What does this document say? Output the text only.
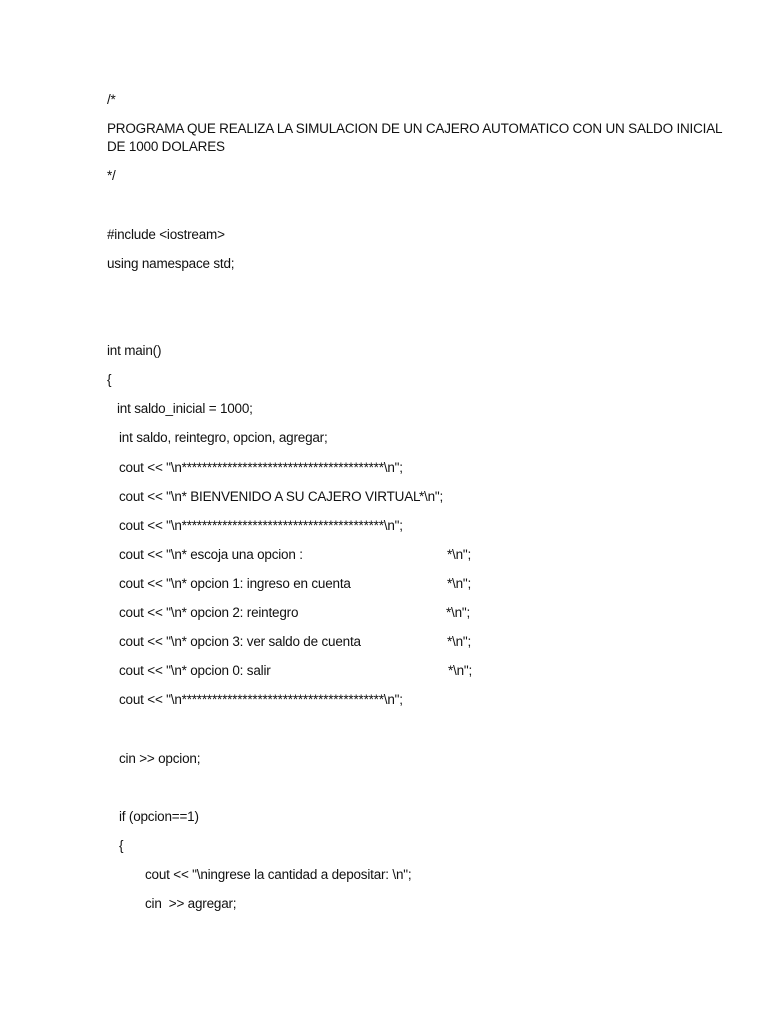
/*
PROGRAMA QUE REALIZA LA SIMULACION DE UN CAJERO AUTOMATICO CON UN SALDO INICIAL
DE 1000 DOLARES
*/
#include <iostream>
using namespace std;
int main()
{
int saldo_inicial = 1000;
int saldo, reintegro, opcion, agregar;
cout << "\n****************************************\n";
cout << "\n* BIENVENIDO A SU CAJERO VIRTUAL
*\n";
cout << "\n****************************************\n";
cout << "\n* escoja una opcion :	*\n";
cout << "\n* opcion 1: ingreso en cuenta	*\n";
cout << "\n* opcion 2: reintegro	*\n";
cout << "\n* opcion 3: ver saldo de cuenta	*\n";
cout << "\n* opcion 0: salir	*\n";
cout << "\n****************************************\n";
cin >> opcion;
if (opcion==1)
{
cout << "\ningrese la cantidad a depositar: \n";
cin  >> agregar;
